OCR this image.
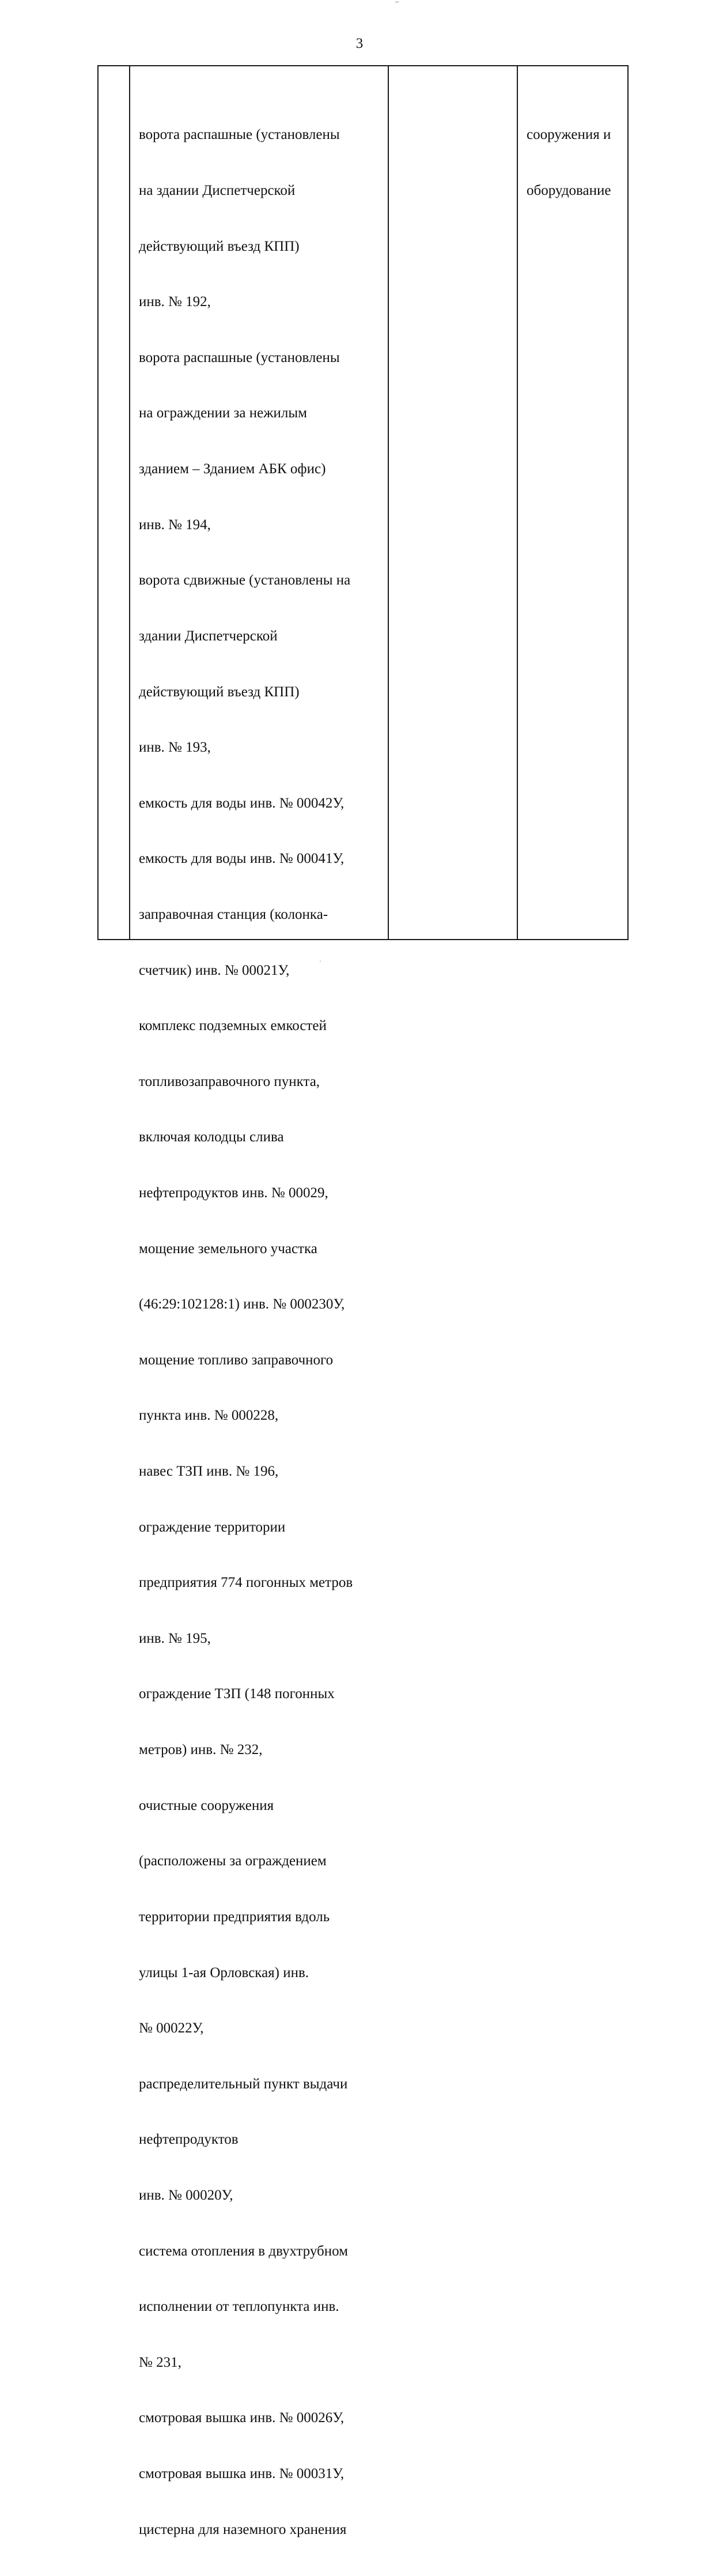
3

ворота распашные (установлены

на здании Диспетчерской

действующий въезд КПП)

инв. № 192,

ворота распашные (установлены

на ограждении за нежилым

зданием – Зданием АБК офис)

инв. № 194,

ворота сдвижные (установлены на

здании Диспетчерской

действующий въезд КПП)

инв. № 193,

емкость для воды инв. № 00042У,

емкость для воды инв. № 00041У,

заправочная станция (колонка-

счетчик) инв. № 00021У,

комплекс подземных емкостей

топливозаправочного пункта,

включая колодцы слива

нефтепродуктов инв. № 00029,

мощение земельного участка

(46:29:102128:1) инв. № 000230У,

мощение топливо заправочного

пункта инв. № 000228,

навес ТЗП инв. № 196,

ограждение территории

предприятия 774 погонных метров

инв. № 195,

ограждение ТЗП (148 погонных

метров) инв. № 232,

очистные сооружения

(расположены за ограждением

территории предприятия вдоль

улицы 1-ая Орловская) инв.

№ 00022У,

распределительный пункт выдачи

нефтепродуктов

инв. № 00020У,

система отопления в двухтрубном

исполнении от теплопункта инв.

№ 231,

смотровая вышка инв. № 00026У,

смотровая вышка инв. № 00031У,

цистерна для наземного хранения

сооружения и

оборудование
